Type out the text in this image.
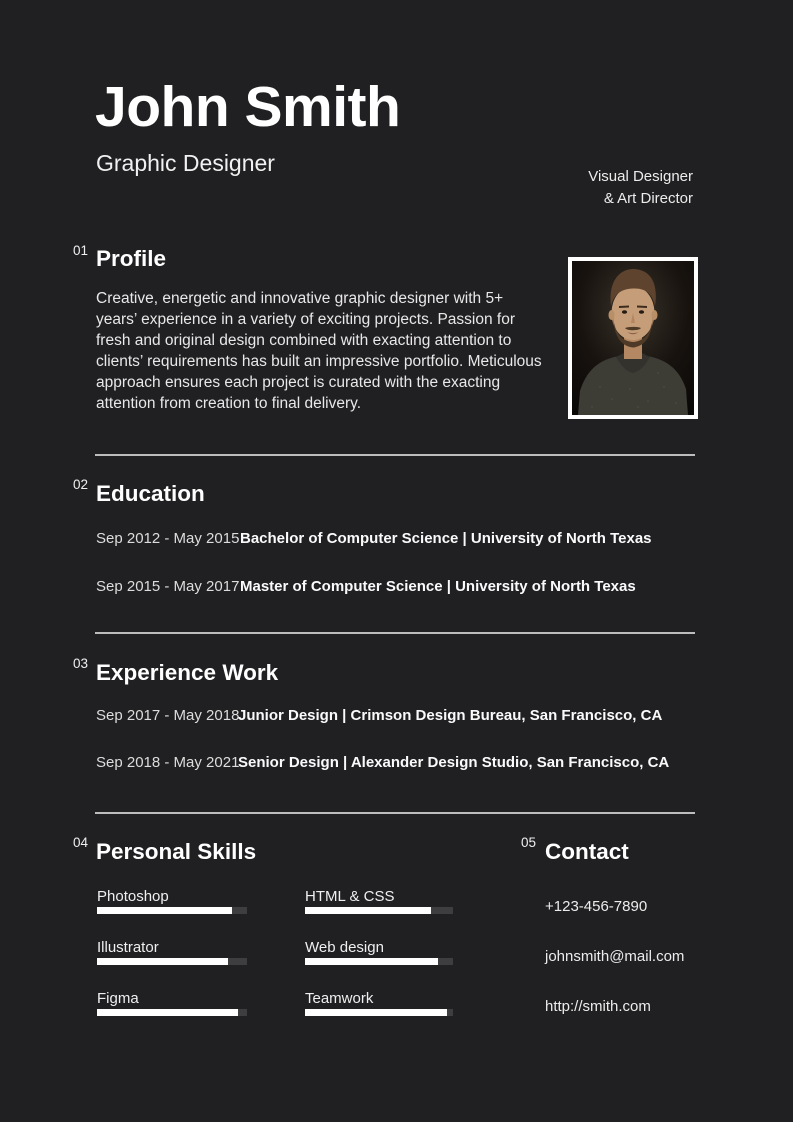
John Smith
Graphic Designer
Visual Designer
& Art Director
01 Profile
Creative, energetic and innovative graphic designer with 5+ years’ experience in a variety of exciting projects. Passion for fresh and original design combined with exacting attention to clients’ requirements has built an impressive portfolio. Meticulous approach ensures each project is curated with the exacting attention from creation to final delivery.
02 Education
Sep 2012 - May 2015 Bachelor of Computer Science | University of North Texas
Sep 2015 - May 2017 Master of Computer Science | University of North Texas
03 Experience Work
Sep 2017 - May 2018
Junior Design | Crimson Design Bureau, San Francisco, CA
Sep 2018 - May 2021
Senior Design | Alexander Design Studio, San Francisco, CA
04 Personal Skills
Photoshop
Illustrator
Figma
HTML & CSS
Web design
Teamwork
05 Contact
+123-456-7890
johnsmith@mail.com
http://smith.com
